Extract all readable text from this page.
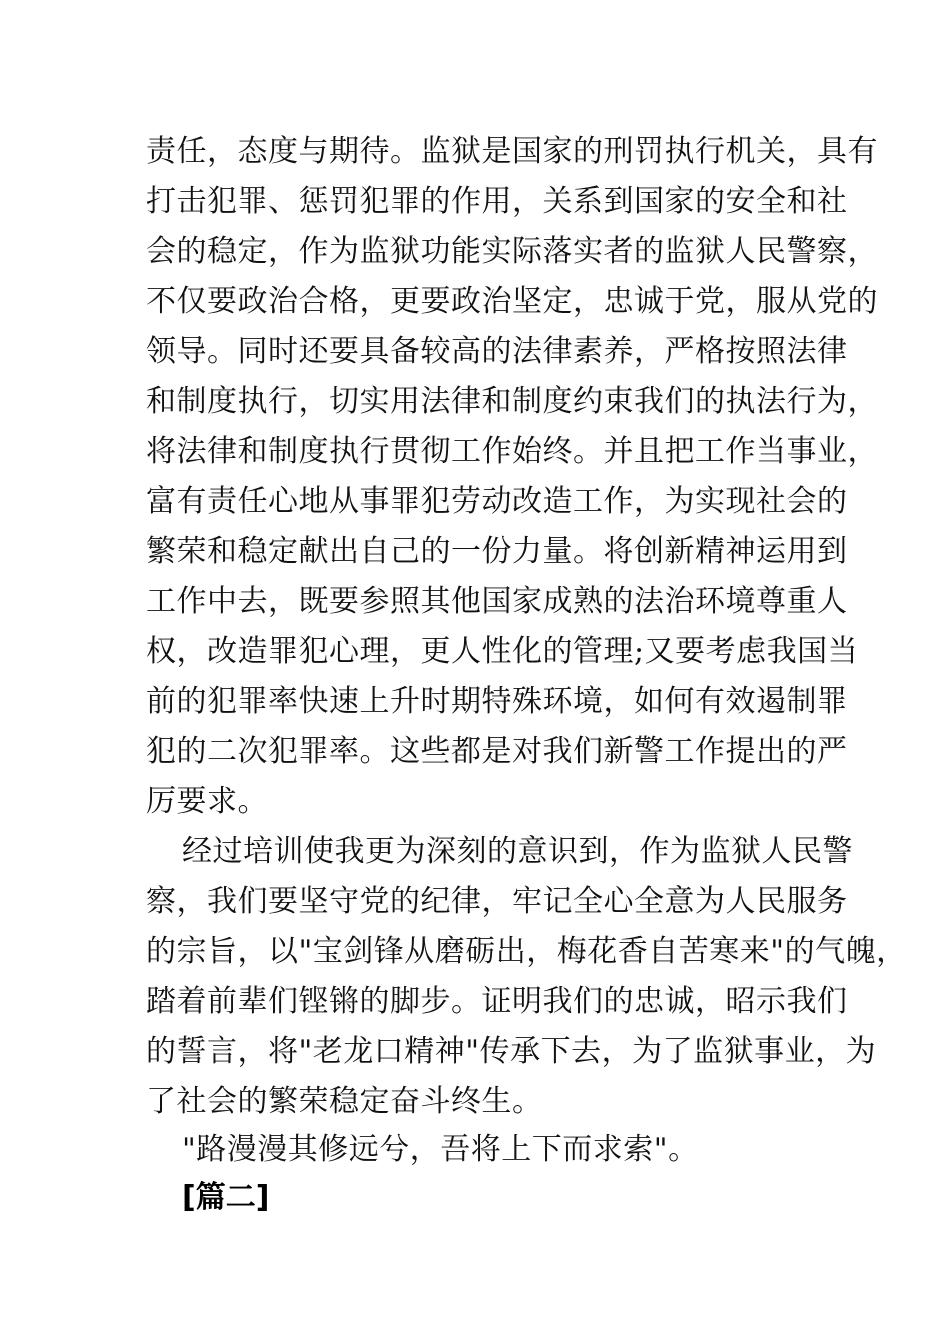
责任，态度与期待。监狱是国家的刑罚执行机关，具有
打击犯罪、惩罚犯罪的作用，关系到国家的安全和社
会的稳定，作为监狱功能实际落实者的监狱人民警察，
不仅要政治合格，更要政治坚定，忠诚于党，服从党的
领导。同时还要具备较高的法律素养，严格按照法律
和制度执行，切实用法律和制度约束我们的执法行为，
将法律和制度执行贯彻工作始终。并且把工作当事业，
富有责任心地从事罪犯劳动改造工作，为实现社会的
繁荣和稳定献出自己的一份力量。将创新精神运用到
工作中去，既要参照其他国家成熟的法治环境尊重人
权，改造罪犯心理，更人性化的管理;又要考虑我国当
前的犯罪率快速上升时期特殊环境，如何有效遏制罪
犯的二次犯罪率。这些都是对我们新警工作提出的严
厉要求。
经过培训使我更为深刻的意识到，作为监狱人民警
察，我们要坚守党的纪律，牢记全心全意为人民服务
的宗旨，以"宝剑锋从磨砺出，梅花香自苦寒来"的气魄，
踏着前辈们铿锵的脚步。证明我们的忠诚，昭示我们
的誓言，将"老龙口精神"传承下去，为了监狱事业，为
了社会的繁荣稳定奋斗终生。
"路漫漫其修远兮，吾将上下而求索"。
[篇二]
